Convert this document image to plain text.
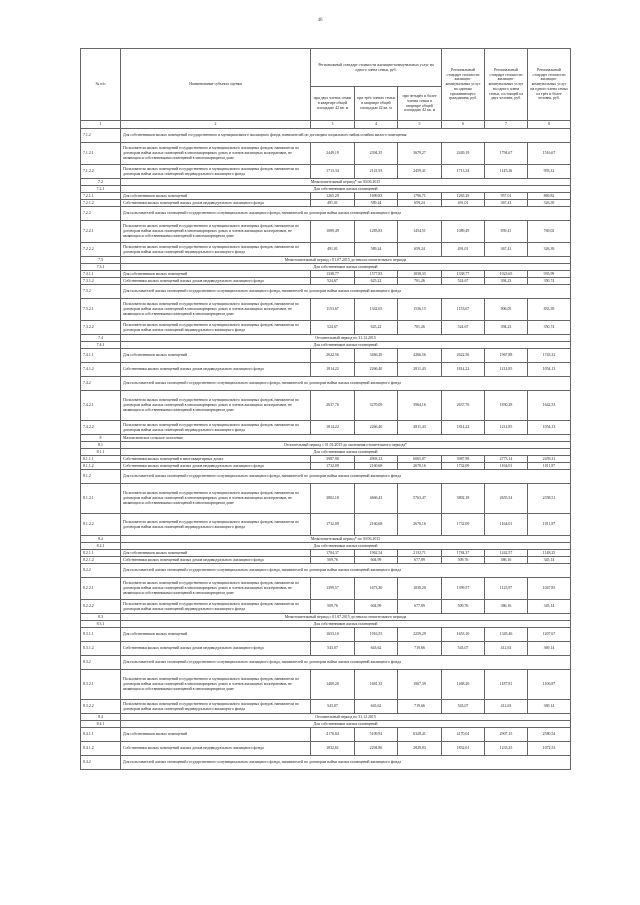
46
№ п/п	Наименование субъекта оценки	Региональный стандарт стоимости жилищно-коммунальных услуг на одного члена семьи, руб.			Региональный стандарт стоимости жилищно-коммунальных услуг на одиноко проживающего гражданина, руб.	Региональный стандарт стоимости жилищно-коммунальных услуг на одного члена семьи, состоящей из двух человек, руб.	Региональный стандарт стоимости жилищно-коммунальных услуг на одного члена семьи из трёх и более человек, руб.
		при двух членах семьи в квартире общей площадью 42 кв. м	при трёх членах семьи в квартире общей площадью 42 кв. м	при четырёх и более членах семьи в квартире общей площадью 42 кв. м			
1	2	3	4	5	6	7	8
7.1.2	Для собственников жилых помещений государственного и муниципального жилищного фонда, нанимателей по договорам социального найма и найма жилого помещения						
7.1.2.1	Пользователи жилых помещений государственного и муниципального жилищных фондов, наниматели по договорам найма жилых помещений в многоквартирных домах и членов жилищных кооперативов, не являющихся собственниками помещений в многоквартирном доме	2449,19	2394,35	3679,27	2449,19	1794,67	1516,67
7.1.2.2	Пользователи жилых помещений государственного и муниципального жилищных фондов, наниматели по договорам найма жилых помещений индивидуального жилищного фонда	1713,34	2141,93	2459,41	1713,34	1145,26	993,12
7.2	Межотопительный период* по 30.06.2015						
7.2.1	Для собственников жилых помещений						
7.2.1.1	Для собственников жилых помещений	1265,29	1699,83	1796,71	1265,29	957,01	869,82
7.2.1.2	Собственники жилых помещений жилых домов индивидуального жилищного фонда	491,01	589,24	659,24	491,01	367,41	326,39
7.2.2	Для пользователей жилых помещений государственного и муниципального жилищного фонда, нанимателей по договорам найма жилых помещений жилищного фонда						
7.2.2.1	Пользователи жилых помещений государственного и муниципального жилищных фондов, наниматели по договорам найма жилых помещений в многоквартирных домах и членов жилищных кооперативов, не являющихся собственниками помещений в многоквартирном доме	1089,49	1283,83	1454,51	1089,49	839,41	769,02
7.2.2.2	Пользователи жилых помещений государственного и муниципального жилищных фондов, наниматели по договорам найма жилых помещений индивидуального жилищного фонда	491,01	589,24	659,24	491,01	367,41	326,39
7.3	Межотопительный период с 01.07.2015 до начала отопительного периода						
7.3.1	Для собственников жилых помещений						
7.3.1.1	Для собственников жилых помещений	1338,77	1577,83	1838,35	1338,77	1023,65	935,99
7.3.1.2	Собственники жилых помещений жилых домов индивидуального жилищного фонда	524,67	625,22	701,26	524,67	394,23	350,74
7.3.2	Для пользователей жилых помещений государственного и муниципального жилищного фонда, нанимателей по договорам найма жилых помещений жилищного фонда						
7.3.2.1	Пользователи жилых помещений государственного и муниципального жилищных фондов, наниматели по договорам найма жилых помещений в многоквартирных домах и членов жилищных кооперативов, не являющихся собственниками помещений в многоквартирном доме	1153,67	1342,65	1536,15	1153,67	906,05	833,39
7.3.2.2	Пользователи жилых помещений государственного и муниципального жилищных фондов, наниматели по договорам найма жилых помещений индивидуального жилищного фонда	524,67	625,22	701,26	524,67	394,23	350,74
7.4	Отопительный период по 31.12.2015						
7.4.1	Для собственников жилых помещений						
7.4.1.1	Для собственников жилых помещений	2622,56	3466,29	4266,56	2622,56	1967,88	1743,32
7.4.1.2	Собственники жилых помещений жилых домов индивидуального жилищного фонда	1814,22	2266,40	2811,43	1814,22	1214,85	1054,13
7.4.2	Для пользователей жилых помещений государственного и муниципального жилищного фонда, нанимателей по договорам найма жилых помещений жилищного фонда						
7.4.2.1	Пользователи жилых помещений государственного и муниципального жилищных фондов, наниматели по договорам найма жилых помещений в многоквартирных домах и членов жилищных кооперативов, не являющихся собственниками помещений в многоквартирном доме	2637,76	3270,09	3964,16	2637,76	1830,28	1642,53
7.4.2.2	Пользователи жилых помещений государственного и муниципального жилищных фондов, наниматели по договорам найма жилых помещений индивидуального жилищного фонда	1814,22	2266,40	2811,43	1814,22	1214,85	1054,13
8	Малоисменское сельское поселение						
8.1	Отопительный период с 01.01.2015 до окончания отопительного периода*						
8.1.1	Для собственников жилых помещений						
8.1.1.1	Собственники жилых помещений в многоквартирных домах	3987,98	4903,13	6065,87	3987,98	2773,14	2459,31
8.1.1.2	Собственники жилых помещений жилых домов индивидуального жилищного фонда	1732,09	2160,68	2678,16	1732,09	1164,01	1011,87
8.1.2	Для пользователей жилых помещений государственного и муниципального жилищного фонда, нанимателей по договорам найма жилых помещений жилищного фонда						
8.1.2.1	Пользователи жилых помещений государственного и муниципального жилищных фондов, наниматели по договорам найма жилых помещений в многоквартирных домах и членов жилищных кооперативов, не являющихся собственниками помещений в многоквартирном доме	3802,18	4666,43	5763,47	3802,18	2655,54	2358,51
8.1.2.2	Пользователи жилых помещений государственного и муниципального жилищных фондов, наниматели по договорам найма жилых помещений индивидуального жилищного фонда	1732,09	2160,68	2678,16	1732,09	1164,01	1011,87
8.2	Межотопительный период* по 30.06.2015						
8.2.1	Для собственников жилых помещений						
8.2.1.1	Для собственников жилых помещений	1784,37	1962,54	2132,71	1784,37	1242,57	1148,25
8.2.1.2	Собственники жилых помещений жилых домов индивидуального жилищного фонда	509,76	604,99	677,89	509,76	386,16	345,14
8.2.2	Для пользователей жилых помещений государственного и муниципального жилищного фонда, нанимателей по договорам найма жилых помещений жилищного фонда						
8.2.2.1	Пользователи жилых помещений государственного и муниципального жилищных фондов, наниматели по договорам найма жилых помещений в многоквартирных домах и членов жилищных кооперативов, не являющихся собственниками помещений в многоквартирном доме	1399,57	1673,30	1830,20	1399,57	1125,97	1047,85
8.2.2.2	Пользователи жилых помещений государственного и муниципального жилищных фондов, наниматели по договорам найма жилых помещений индивидуального жилищного фонда	509,76	604,99	677,89	509,76	386,16	345,14
8.3	Межотопительный период с 01.07.2015 до начала отопительного периода						
8.3.1	Для собственников жилых помещений						
8.3.1.1	Для собственников жилых помещений	1653,10	1916,55	2259,29	1653,10	1345,46	1207,67
8.3.1.2	Собственники жилых помещений жилых домов индивидуального жилищного фонда	543,07	643,62	719,66	543,07	412,63	369,14
8.3.2	Для пользователей жилых помещений государственного и муниципального жилищного фонда, нанимателей по договорам найма жилых помещений жилищного фонда						
8.3.2.1	Пользователи жилых помещений государственного и муниципального жилищных фондов, наниматели по договорам найма жилых помещений в многоквартирных домах и членов жилищных кооперативов, не являющихся собственниками помещений в многоквартирном доме	1468,20	1681,35	1967,39	1468,20	1187,81	1106,87
8.3.2.2	Пользователи жилых помещений государственного и муниципального жилищных фондов, наниматели по договорам найма жилых помещений индивидуального жилищного фонда	543,07	643,62	719,66	543,07	412,63	369,14
8.4	Отопительный период по 31.12.2015						
8.4.1	Для собственников жилых помещений						
8.4.1.1	Для собственников жилых помещений	4170,04	5109,92	6328,41	4170,04	2907,15	2580,54
8.4.1.2	Собственники жилых помещений жилых домов индивидуального жилищного фонда	1832,61	2294,86	2829,83	1832,61	1233,25	1072,53
8.4.2	Для пользователей жилых помещений государственного и муниципального жилищного фонда, нанимателей по договорам найма жилых помещений жилищного фонда						
